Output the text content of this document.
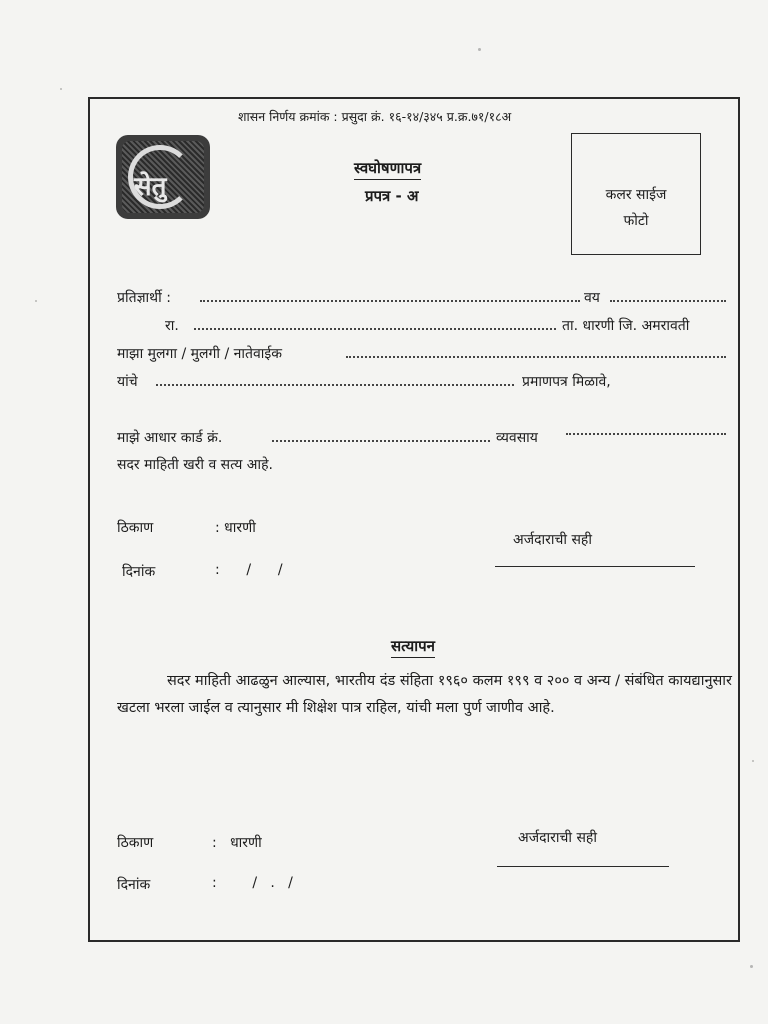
शासन निर्णय क्रमांक : प्रसुदा क्रं. १६-१४/३४५ प्र.क्र.७१/१८अ
सेतु
स्वघोषणापत्र
प्रपत्र - अ	कलर साईज
फोटो
प्रतिज्ञार्थी :	वय
रा.	ता. धारणी जि. अमरावती
माझा मुलगा / मुलगी / नातेवाईक
यांचे	प्रमाणपत्र मिळावे,
माझे आधार कार्ड क्रं.	व्यवसाय
सदर माहिती खरी व सत्य आहे.
ठिकाण	: धारणी
अर्जदाराची सही
दिनांक	:      /      /
सत्यापन
सदर माहिती आढळुन आल्यास, भारतीय दंड संहिता १९६० कलम १९९ व २०० व अन्य / संबंधित कायद्यानुसार खटला भरला जाईल व त्यानुसार मी शिक्षेश पात्र राहिल, यांची मला पुर्ण जाणीव आहे.
ठिकाण	:   धारणी	अर्जदाराची सही
दिनांक	:        /   .   /
